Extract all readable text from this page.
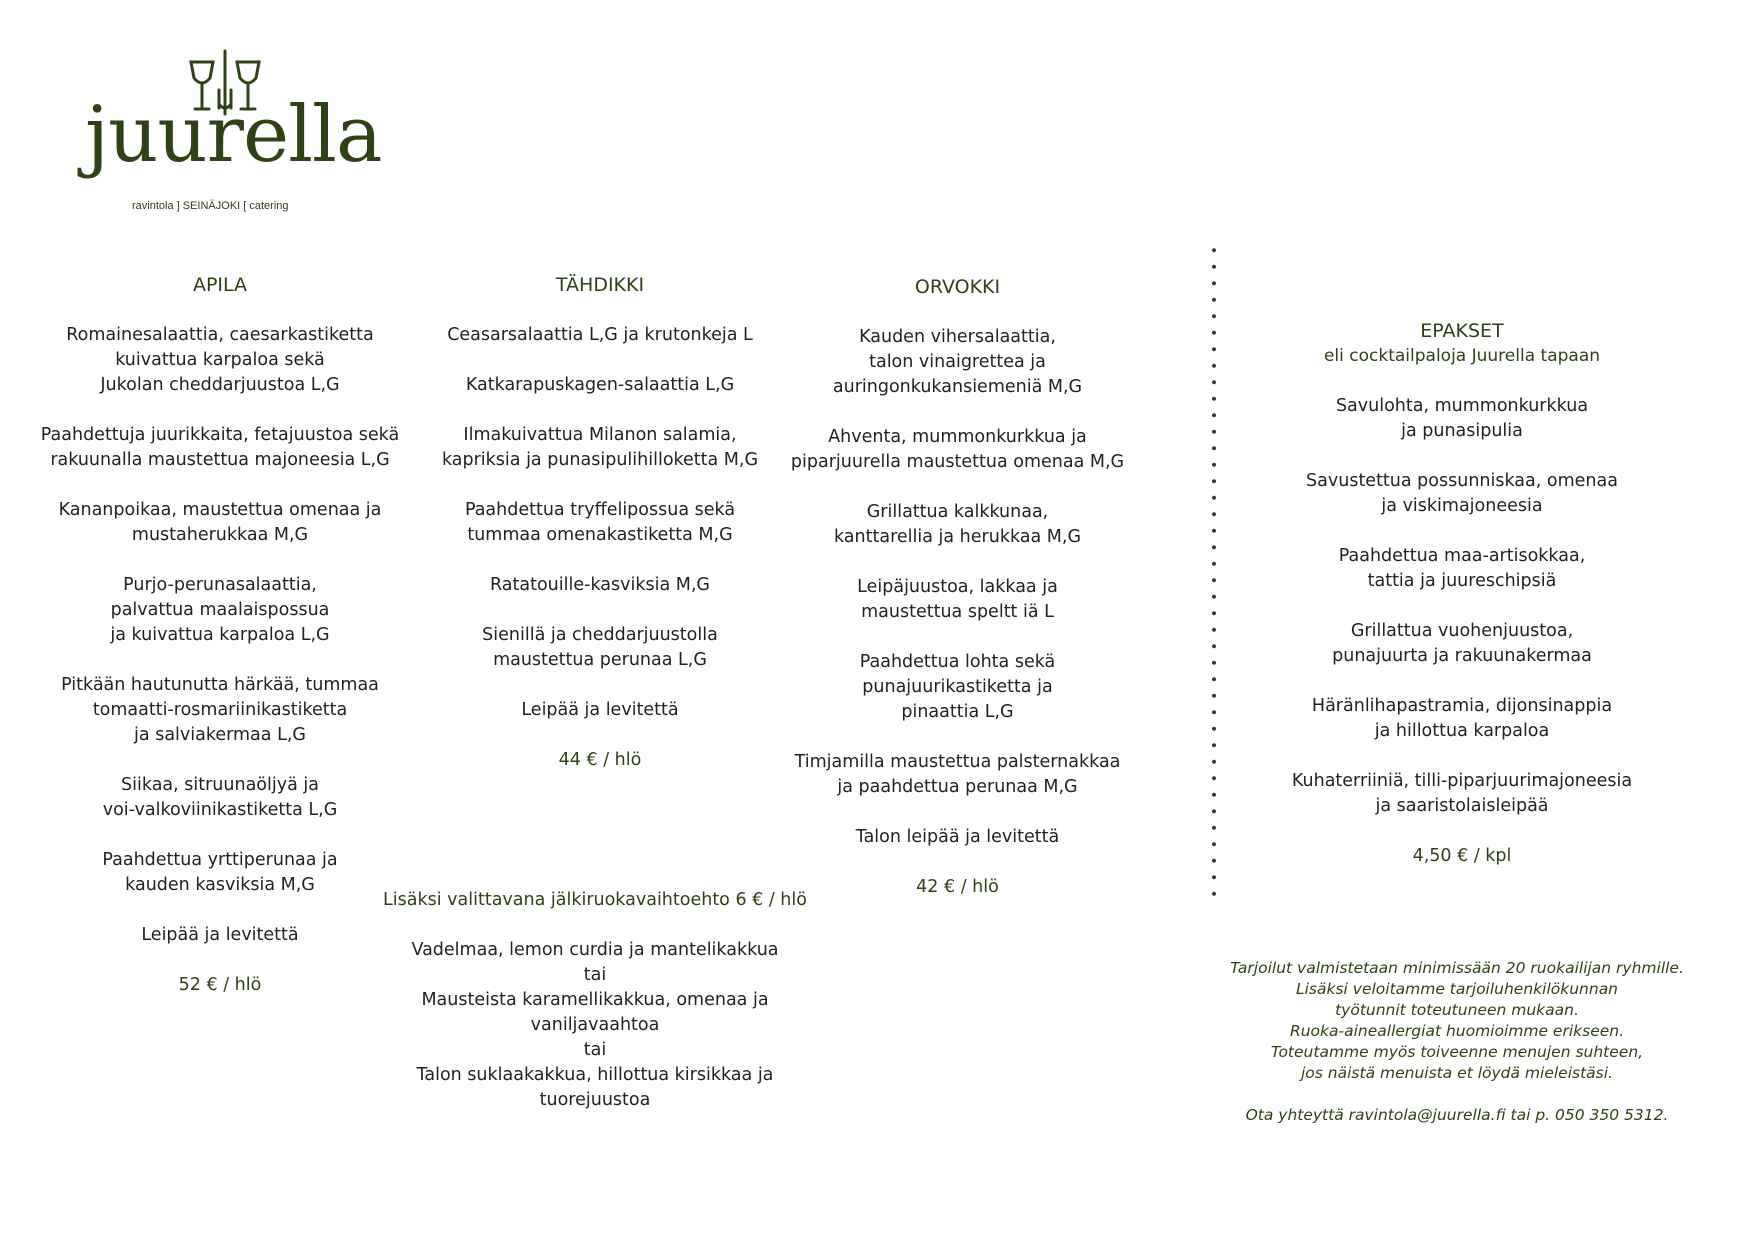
juurella
ravintola ] SEINÄJOKI [ catering
APILA
Romainesalaattia, caesarkastiketta
kuivattua karpaloa sekä
Jukolan cheddarjuustoa L,G
Paahdettuja juurikkaita, fetajuustoa sekä
rakuunalla maustettua majoneesia L,G
Kananpoikaa, maustettua omenaa ja
mustaherukkaa M,G
Purjo-perunasalaattia,
palvattua maalaispossua
ja kuivattua karpaloa L,G
Pitkään hautunutta härkää, tummaa
tomaatti-rosmariinikastiketta
ja salviakermaa L,G
Siikaa, sitruunaöljyä ja
voi-valkoviinikastiketta L,G
Paahdettua yrttiperunaa ja
kauden kasviksia M,G
Leipää ja levitettä
52 € / hlö
TÄHDIKKI
Ceasarsalaattia L,G ja krutonkeja L
Katkarapuskagen-salaattia L,G
Ilmakuivattua Milanon salamia,
kapriksia ja punasipulihilloketta M,G
Paahdettua tryffelipossua sekä
tummaa omenakastiketta M,G
Ratatouille-kasviksia M,G
Sienillä ja cheddarjuustolla
maustettua perunaa L,G
Leipää ja levitettä
44 € / hlö
ORVOKKI
Kauden vihersalaattia,
talon vinaigrettea ja
auringonkukansiemeniä M,G
Ahventa, mummonkurkkua ja
piparjuurella maustettua omenaa M,G
Grillattua kalkkunaa,
kanttarellia ja herukkaa M,G
Leipäjuustoa, lakkaa ja
maustettua speltt iä L
Paahdettua lohta sekä
punajuurikastiketta ja
pinaattia L,G
Timjamilla maustettua palsternakkaa
ja paahdettua perunaa M,G
Talon leipää ja levitettä
42 € / hlö
Lisäksi valittavana jälkiruokavaihtoehto 6 € / hlö
Vadelmaa, lemon curdia ja mantelikakkua
tai
Mausteista karamellikakkua, omenaa ja vaniljavaahtoa
tai
Talon suklaakakkua, hillottua kirsikkaa ja tuorejuustoa
EPAKSET
eli cocktailpaloja Juurella tapaan
Savulohta, mummonkurkkua
ja punasipulia
Savustettua possunniskaa, omenaa
ja viskimajoneesia
Paahdettua maa-artisokkaa,
tattia ja juureschipsiä
Grillattua vuohenjuustoa,
punajuurta ja rakuunakermaa
Häränlihapastramia, dijonsinappia
ja hillottua karpaloa
Kuhaterriiniä, tilli-piparjuurimajoneesia
ja saaristolaisleipää
4,50 € / kpl
Tarjoilut valmistetaan minimissään 20 ruokailijan ryhmille.
Lisäksi veloitamme tarjoiluhenkilökunnan
työtunnit toteutuneen mukaan.
Ruoka-aineallergiat huomioimme erikseen.
Toteutamme myös toiveenne menujen suhteen,
jos näistä menuista et löydä mieleistäsi.
Ota yhteyttä ravintola@juurella.fi tai p. 050 350 5312.
